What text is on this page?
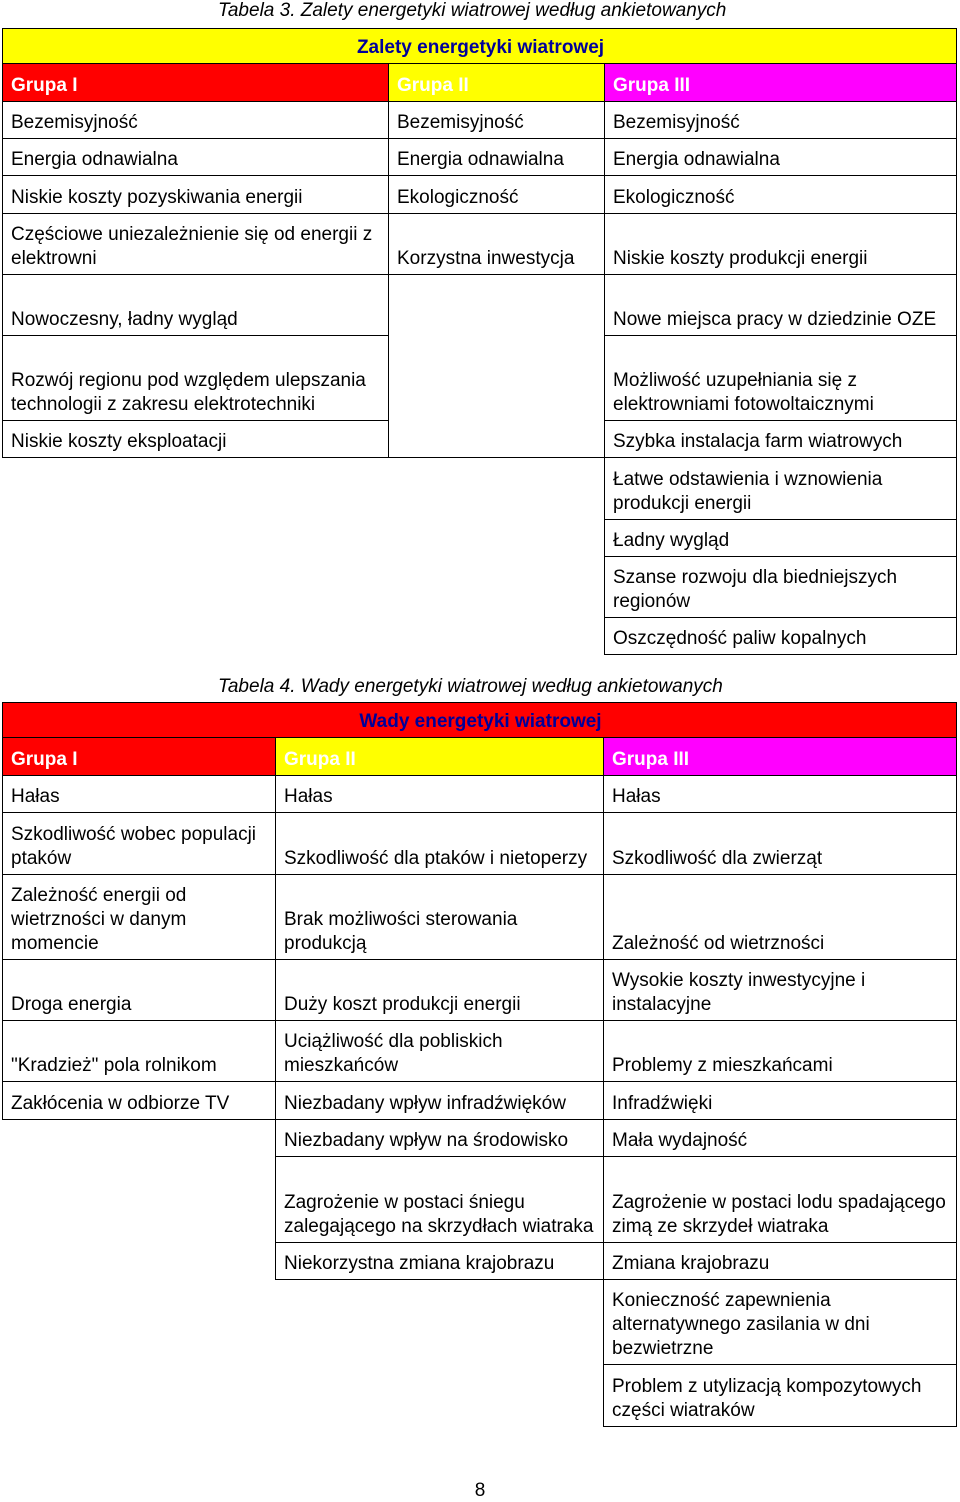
Tabela 3. Zalety energetyki wiatrowej według ankietowanych
Zalety energetyki wiatrowej		
Grupa I	Grupa II	Grupa III
Bezemisyjność	Bezemisyjność	Bezemisyjność
Energia odnawialna	Energia odnawialna	Energia odnawialna
Niskie koszty pozyskiwania energii	Ekologiczność	Ekologiczność
Częściowe uniezależnienie się od energii z elektrowni	Korzystna inwestycja	Niskie koszty produkcji energii
Nowoczesny, ładny wygląd		Nowe miejsca pracy w dziedzinie OZE
Rozwój regionu pod względem ulepszania technologii z zakresu elektrotechniki		Możliwość uzupełniania się z elektrowniami fotowoltaicznymi
Niskie koszty eksploatacji		Szybka instalacja farm wiatrowych
		Łatwe odstawienia i wznowienia produkcji energii
		Ładny wygląd
		Szanse rozwoju dla biedniejszych regionów
		Oszczędność paliw kopalnych
Tabela 4. Wady energetyki wiatrowej według ankietowanych
Wady energetyki wiatrowej		
Grupa I	Grupa II	Grupa III
Hałas	Hałas	Hałas
Szkodliwość wobec populacji ptaków	Szkodliwość dla ptaków i nietoperzy	Szkodliwość dla zwierząt
Zależność energii od wietrzności w danym momencie	Brak możliwości sterowania produkcją	Zależność od wietrzności
Droga energia	Duży koszt produkcji energii	Wysokie koszty inwestycyjne i instalacyjne
"Kradzież" pola rolnikom	Uciążliwość dla pobliskich mieszkańców	Problemy z mieszkańcami
Zakłócenia w odbiorze TV	Niezbadany wpływ infradźwięków	Infradźwięki
	Niezbadany wpływ na środowisko	Mała wydajność
	Zagrożenie w postaci śniegu zalegającego na skrzydłach wiatraka	Zagrożenie w postaci lodu spadającego zimą ze skrzydeł wiatraka
	Niekorzystna zmiana krajobrazu	Zmiana krajobrazu
		Konieczność zapewnienia alternatywnego zasilania w dni bezwietrzne
		Problem z utylizacją kompozytowych części wiatraków
8
